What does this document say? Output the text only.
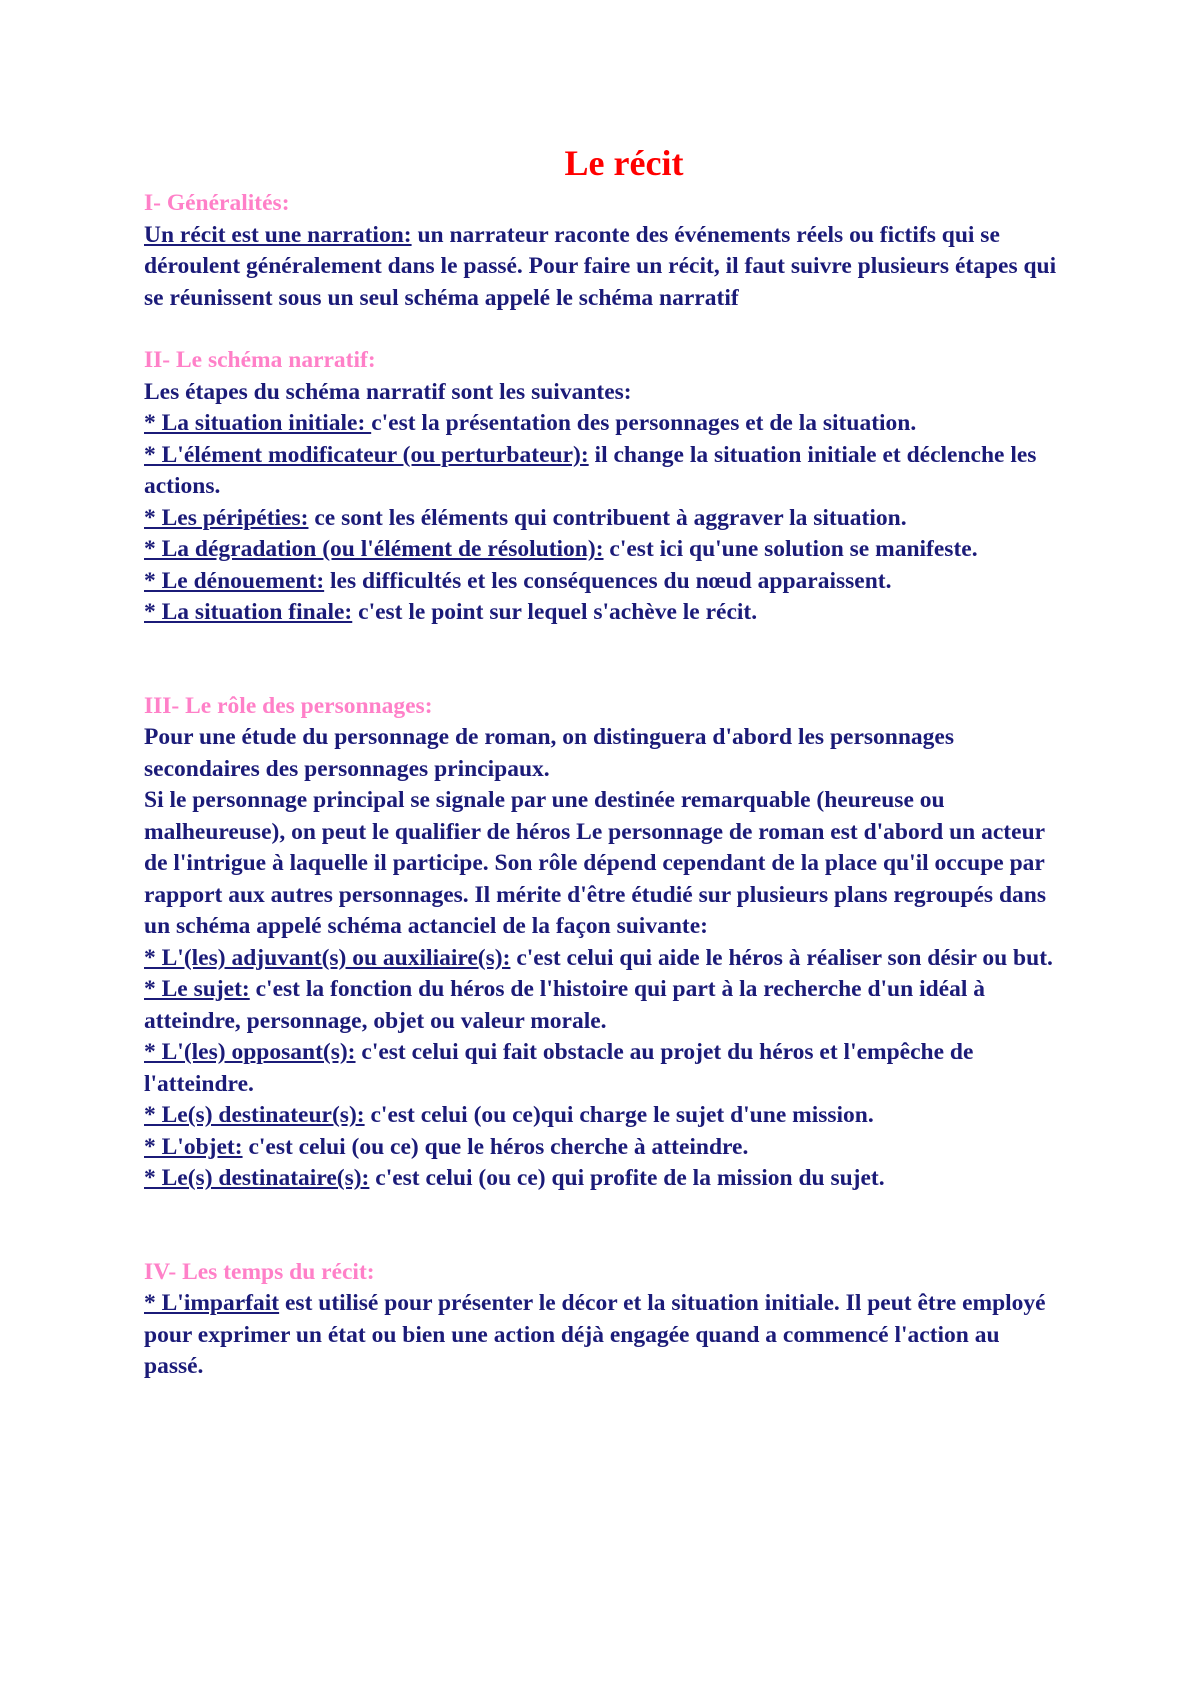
Le récit

I- Généralités:

Un récit est une narration: un narrateur raconte des événements réels ou fictifs qui se déroulent généralement dans le passé. Pour faire un récit, il faut suivre plusieurs étapes qui se réunissent sous un seul schéma appelé le schéma narratif

II- Le schéma narratif:

Les étapes du schéma narratif sont les suivantes:

* La situation initiale: c'est la présentation des personnages et de la situation.

* L'élément modificateur (ou perturbateur): il change la situation initiale et déclenche les actions.

* Les péripéties: ce sont les éléments qui contribuent à aggraver la situation.

* La dégradation (ou l'élément de résolution): c'est ici qu'une solution se manifeste.

* Le dénouement: les difficultés et les conséquences du nœud apparaissent.

* La situation finale: c'est le point sur lequel s'achève le récit.

III- Le rôle des personnages:

Pour une étude du personnage de roman, on distinguera d'abord les personnages secondaires des personnages principaux.

Si le personnage principal se signale par une destinée remarquable (heureuse ou malheureuse), on peut le qualifier de héros Le personnage de roman est d'abord un acteur de l'intrigue à laquelle il participe. Son rôle dépend cependant de la place qu'il occupe par rapport aux autres personnages. Il mérite d'être étudié sur plusieurs plans regroupés dans un schéma appelé schéma actanciel de la façon suivante:

* L'(les) adjuvant(s) ou auxiliaire(s): c'est celui qui aide le héros à réaliser son désir ou but.

* Le sujet: c'est la fonction du héros de l'histoire qui part à la recherche d'un idéal à atteindre, personnage, objet ou valeur morale.

* L'(les) opposant(s): c'est celui qui fait obstacle au projet du héros et l'empêche de l'atteindre.

* Le(s) destinateur(s): c'est celui (ou ce)qui charge le sujet d'une mission.

* L'objet: c'est celui (ou ce) que le héros cherche à atteindre.

* Le(s) destinataire(s): c'est celui (ou ce) qui profite de la mission du sujet.

IV- Les temps du récit:

* L'imparfait est utilisé pour présenter le décor et la situation initiale. Il peut être employé pour exprimer un état ou bien une action déjà engagée quand a commencé l'action au passé.
